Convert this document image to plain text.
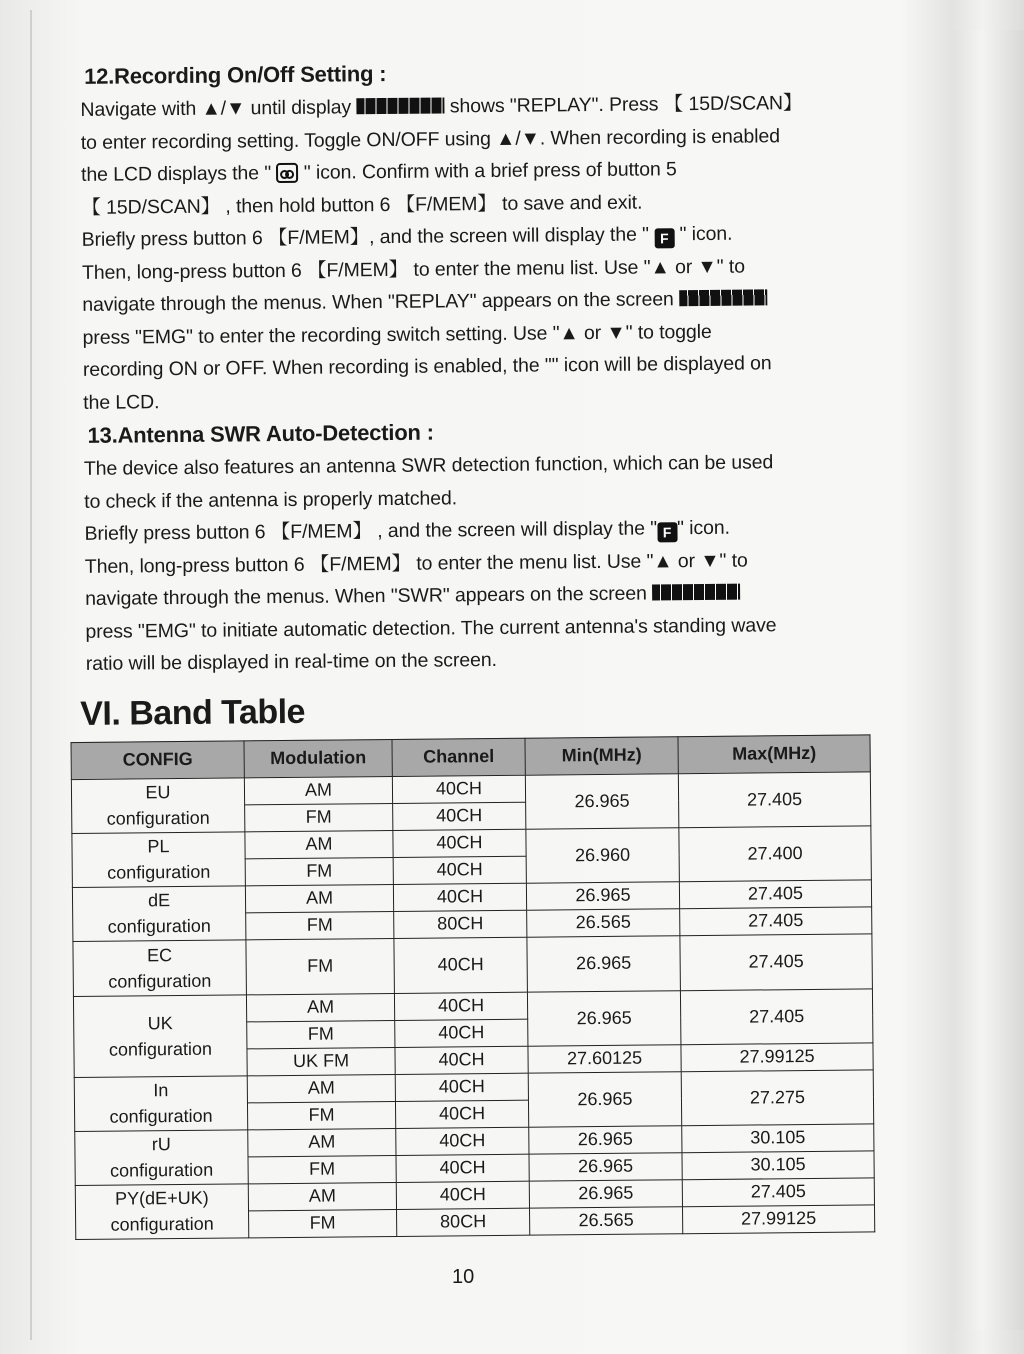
12.Recording On/Off Setting :

Navigate with ▲/▼ until display	shows "REPLAY". Press 【 15D/SCAN】
to enter recording setting. Toggle ON/OFF using ▲/▼. When recording is enabled
the LCD displays the "  " icon. Confirm with a brief press of button 5
【 15D/SCAN】 , then hold button 6 【F/MEM】 to save and exit.
Briefly press button 6 【F/MEM】, and the screen will display the " F " icon.
Then, long-press button 6 【F/MEM】 to enter the menu list. Use "▲ or ▼" to
navigate through the menus. When "REPLAY" appears on the screen
press "EMG" to enter the recording switch setting. Use "▲ or ▼" to toggle
recording ON or OFF. When recording is enabled, the "" icon will be displayed on
the LCD.

13.Antenna SWR Auto-Detection :

The device also features an antenna SWR detection function, which can be used
to check if the antenna is properly matched.
Briefly press button 6 【F/MEM】 , and the screen will display the " F " icon.
Then, long-press button 6 【F/MEM】 to enter the menu list. Use "▲ or ▼" to
navigate through the menus. When "SWR" appears on the screen
press "EMG" to initiate automatic detection. The current antenna's standing wave
ratio will be displayed in real-time on the screen.

VI. Band Table
CONFIG	Modulation	Channel	Min(MHz)	Max(MHz)
EU
configuration	AM	40CH	26.965	27.405
	FM	40CH		
PL
configuration	AM	40CH	26.960	27.400
	FM	40CH		
dE
configuration	AM	40CH	26.965	27.405
	FM	80CH	26.565	27.405
EC
configuration	FM	40CH	26.965	27.405
UK
configuration	AM	40CH	26.965	27.405
	FM	40CH		
	UK FM	40CH	27.60125	27.99125
In
configuration	AM	40CH	26.965	27.275
	FM	40CH		
rU
configuration	AM	40CH	26.965	30.105
	FM	40CH	26.965	30.105
PY(dE+UK)
configuration	AM	40CH	26.965	27.405
	FM	80CH	26.565	27.99125
10
